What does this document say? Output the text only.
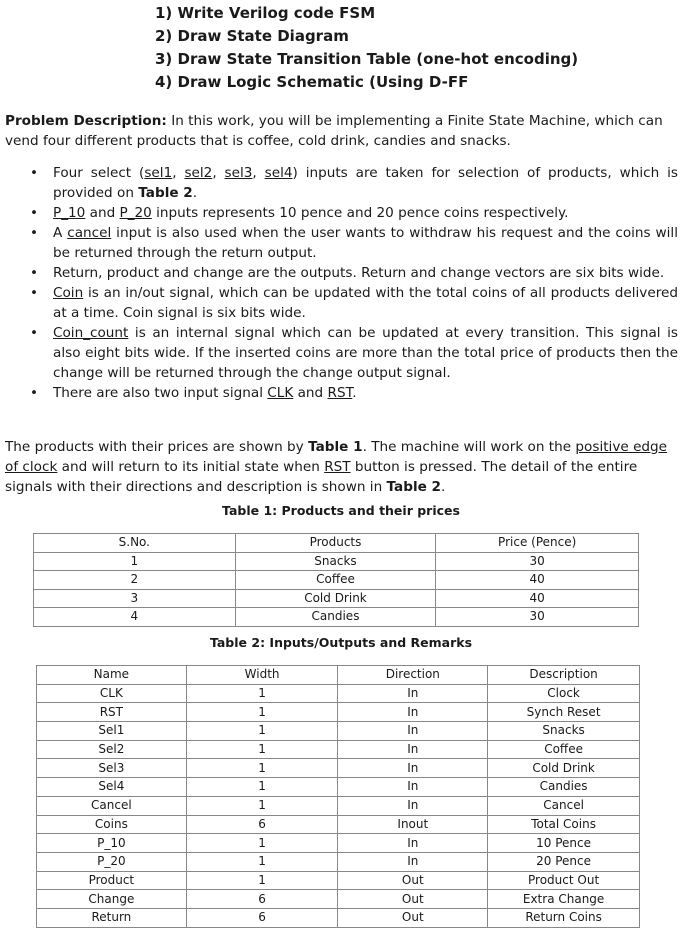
1) Write Verilog code FSM
2) Draw State Diagram
3) Draw State Transition Table (one-hot encoding)
4) Draw Logic Schematic (Using D-FF

Problem Description: In this work, you will be implementing a Finite State Machine, which can vend four different products that is coffee, cold drink, candies and snacks.

• Four select (sel1, sel2, sel3, sel4) inputs are taken for selection of products, which is provided on Table 2.
• P_10 and P_20 inputs represents 10 pence and 20 pence coins respectively.
• A cancel input is also used when the user wants to withdraw his request and the coins will be returned through the return output.
• Return, product and change are the outputs. Return and change vectors are six bits wide.
• Coin is an in/out signal, which can be updated with the total coins of all products delivered at a time. Coin signal is six bits wide.
• Coin_count is an internal signal which can be updated at every transition. This signal is also eight bits wide. If the inserted coins are more than the total price of products then the change will be returned through the change output signal.
• There are also two input signal CLK and RST.

The products with their prices are shown by Table 1. The machine will work on the positive edge of clock and will return to its initial state when RST button is pressed. The detail of the entire signals with their directions and description is shown in Table 2.

Table 1: Products and their prices
S.No.	Products	Price (Pence)
1	Snacks	30
2	Coffee	40
3	Cold Drink	40
4	Candies	30
Table 2: Inputs/Outputs and Remarks
Name	Width	Direction	Description
CLK	1	In	Clock
RST	1	In	Synch Reset
Sel1	1	In	Snacks
Sel2	1	In	Coffee
Sel3	1	In	Cold Drink
Sel4	1	In	Candies
Cancel	1	In	Cancel
Coins	6	Inout	Total Coins
P_10	1	In	10 Pence
P_20	1	In	20 Pence
Product	1	Out	Product Out
Change	6	Out	Extra Change
Return	6	Out	Return Coins
